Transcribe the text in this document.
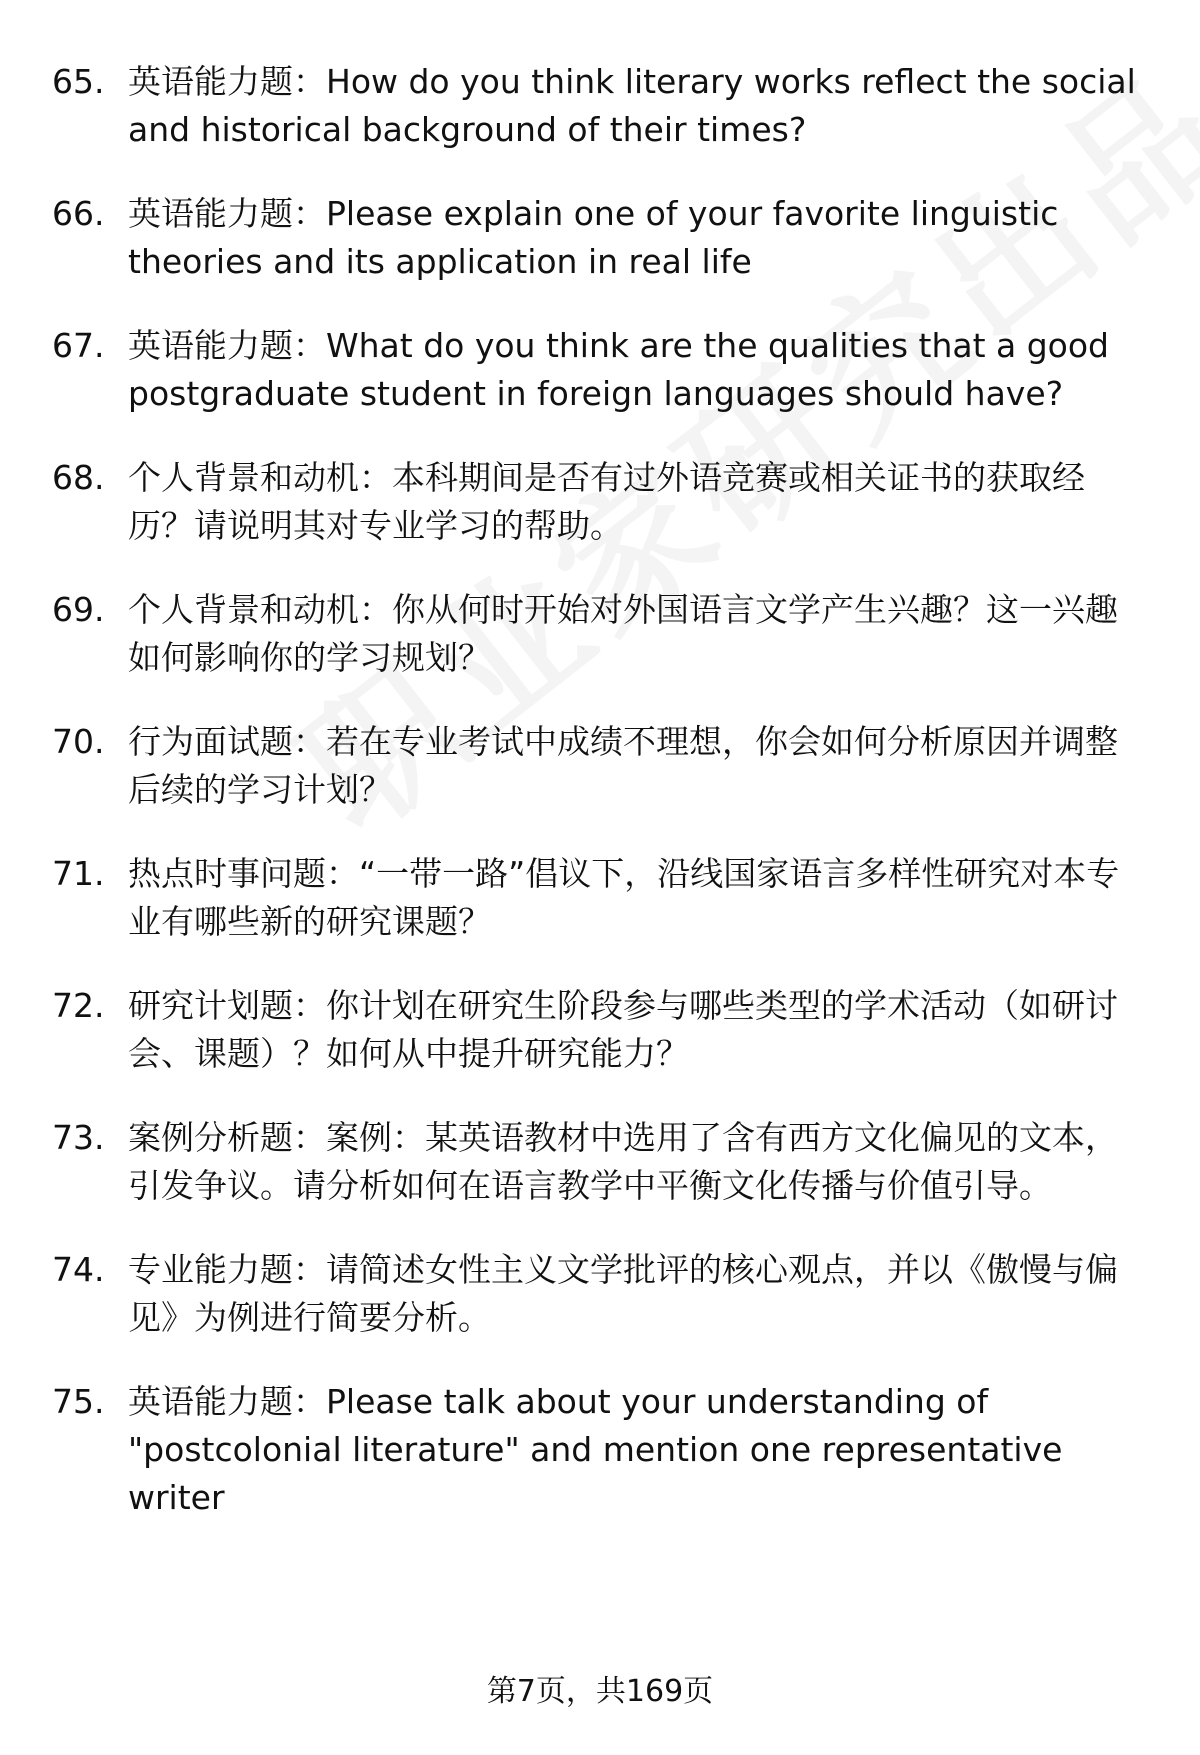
65. 英语能力题：How do you think literary works reflect the social and historical background of their times?
66. 英语能力题：Please explain one of your favorite linguistic theories and its application in real life
67. 英语能力题：What do you think are the qualities that a good postgraduate student in foreign languages should have?
68. 个人背景和动机：本科期间是否有过外语竞赛或相关证书的获取经历？请说明其对专业学习的帮助。
69. 个人背景和动机：你从何时开始对外国语言文学产生兴趣？这一兴趣如何影响你的学习规划？
70. 行为面试题：若在专业考试中成绩不理想，你会如何分析原因并调整后续的学习计划？
71. 热点时事问题：“一带一路”倡议下，沿线国家语言多样性研究对本专业有哪些新的研究课题？
72. 研究计划题：你计划在研究生阶段参与哪些类型的学术活动（如研讨会、课题）？如何从中提升研究能力？
73. 案例分析题：案例：某英语教材中选用了含有西方文化偏见的文本，引发争议。请分析如何在语言教学中平衡文化传播与价值引导。
74. 专业能力题：请简述女性主义文学批评的核心观点，并以《傲慢与偏见》为例进行简要分析。
75. 英语能力题：Please talk about your understanding of "postcolonial literature" and mention one representative writer
第7页，共169页
